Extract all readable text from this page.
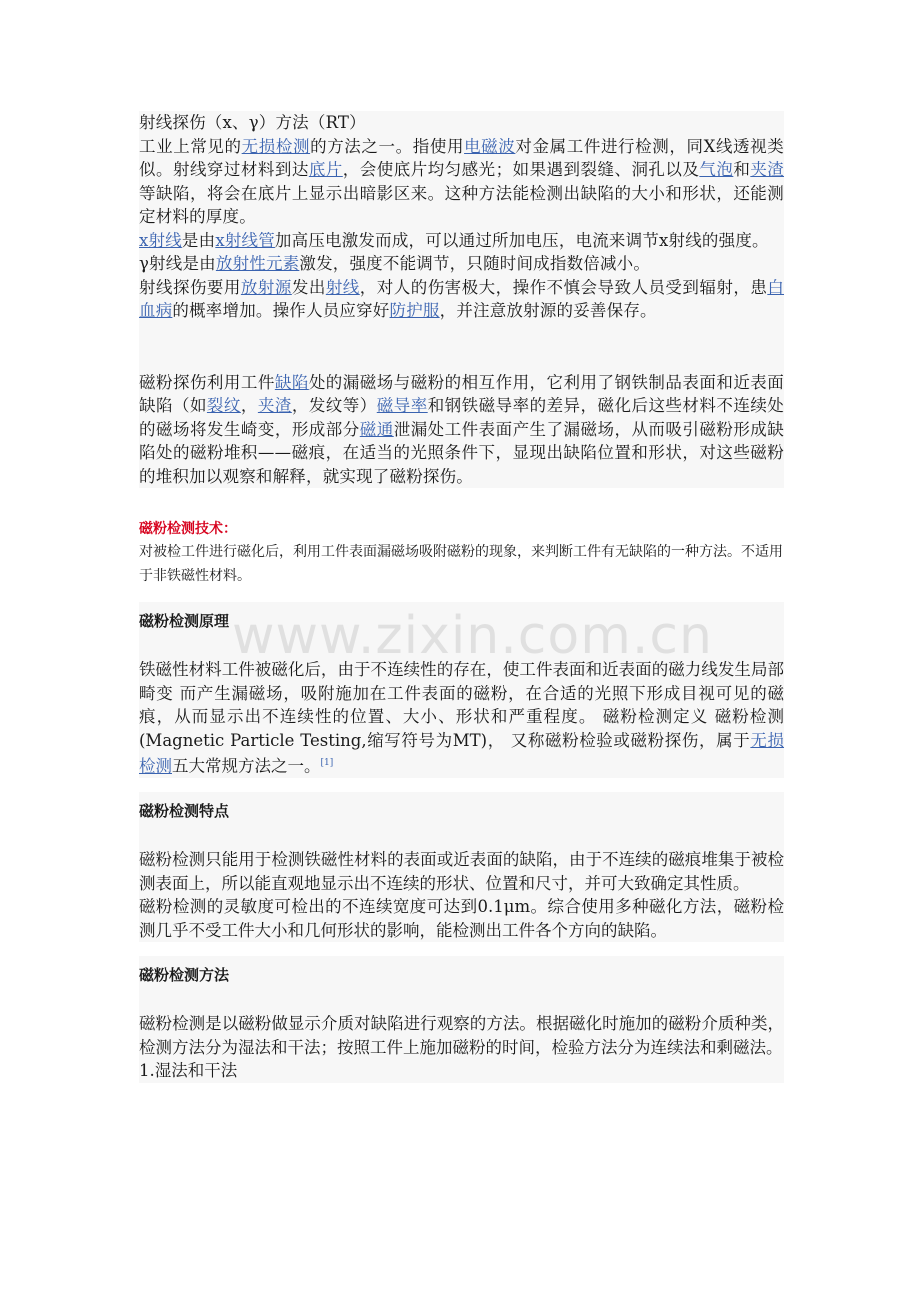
射线探伤（x、γ）方法（RT）

工业上常见的无损检测的方法之一。指使用电磁波对金属工件进行检测，同X线透视类似。射线穿过材料到达底片，会使底片均匀感光；如果遇到裂缝、洞孔以及气泡和夹渣等缺陷，将会在底片上显示出暗影区来。这种方法能检测出缺陷的大小和形状，还能测定材料的厚度。

x射线是由x射线管加高压电激发而成，可以通过所加电压，电流来调节x射线的强度。

γ射线是由放射性元素激发，强度不能调节，只随时间成指数倍减小。

射线探伤要用放射源发出射线，对人的伤害极大，操作不慎会导致人员受到辐射，患白血病的概率增加。操作人员应穿好防护服，并注意放射源的妥善保存。

磁粉探伤利用工件缺陷处的漏磁场与磁粉的相互作用，它利用了钢铁制品表面和近表面缺陷（如裂纹，夹渣，发纹等）磁导率和钢铁磁导率的差异，磁化后这些材料不连续处的磁场将发生崎变，形成部分磁通泄漏处工件表面产生了漏磁场，从而吸引磁粉形成缺陷处的磁粉堆积——磁痕，在适当的光照条件下，显现出缺陷位置和形状，对这些磁粉的堆积加以观察和解释，就实现了磁粉探伤。

磁粉检测技术：

对被检工件进行磁化后，利用工件表面漏磁场吸附磁粉的现象，来判断工件有无缺陷的一种方法。不适用于非铁磁性材料。

磁粉检测原理

铁磁性材料工件被磁化后，由于不连续性的存在，使工件表面和近表面的磁力线发生局部畸变 而产生漏磁场，吸附施加在工件表面的磁粉，在合适的光照下形成目视可见的磁痕，从而显示出不连续性的位置、大小、形状和严重程度。 磁粉检测定义 磁粉检测(Magnetic Particle Testing,缩写符号为MT)， 又称磁粉检验或磁粉探伤，属于无损检测五大常规方法之一。[1]

磁粉检测特点

磁粉检测只能用于检测铁磁性材料的表面或近表面的缺陷，由于不连续的磁痕堆集于被检测表面上，所以能直观地显示出不连续的形状、位置和尺寸，并可大致确定其性质。

磁粉检测的灵敏度可检出的不连续宽度可达到0.1μm。综合使用多种磁化方法，磁粉检测几乎不受工件大小和几何形状的影响，能检测出工件各个方向的缺陷。

磁粉检测方法

磁粉检测是以磁粉做显示介质对缺陷进行观察的方法。根据磁化时施加的磁粉介质种类，检测方法分为湿法和干法；按照工件上施加磁粉的时间，检验方法分为连续法和剩磁法。

1.湿法和干法

www.zixin.com.cn
